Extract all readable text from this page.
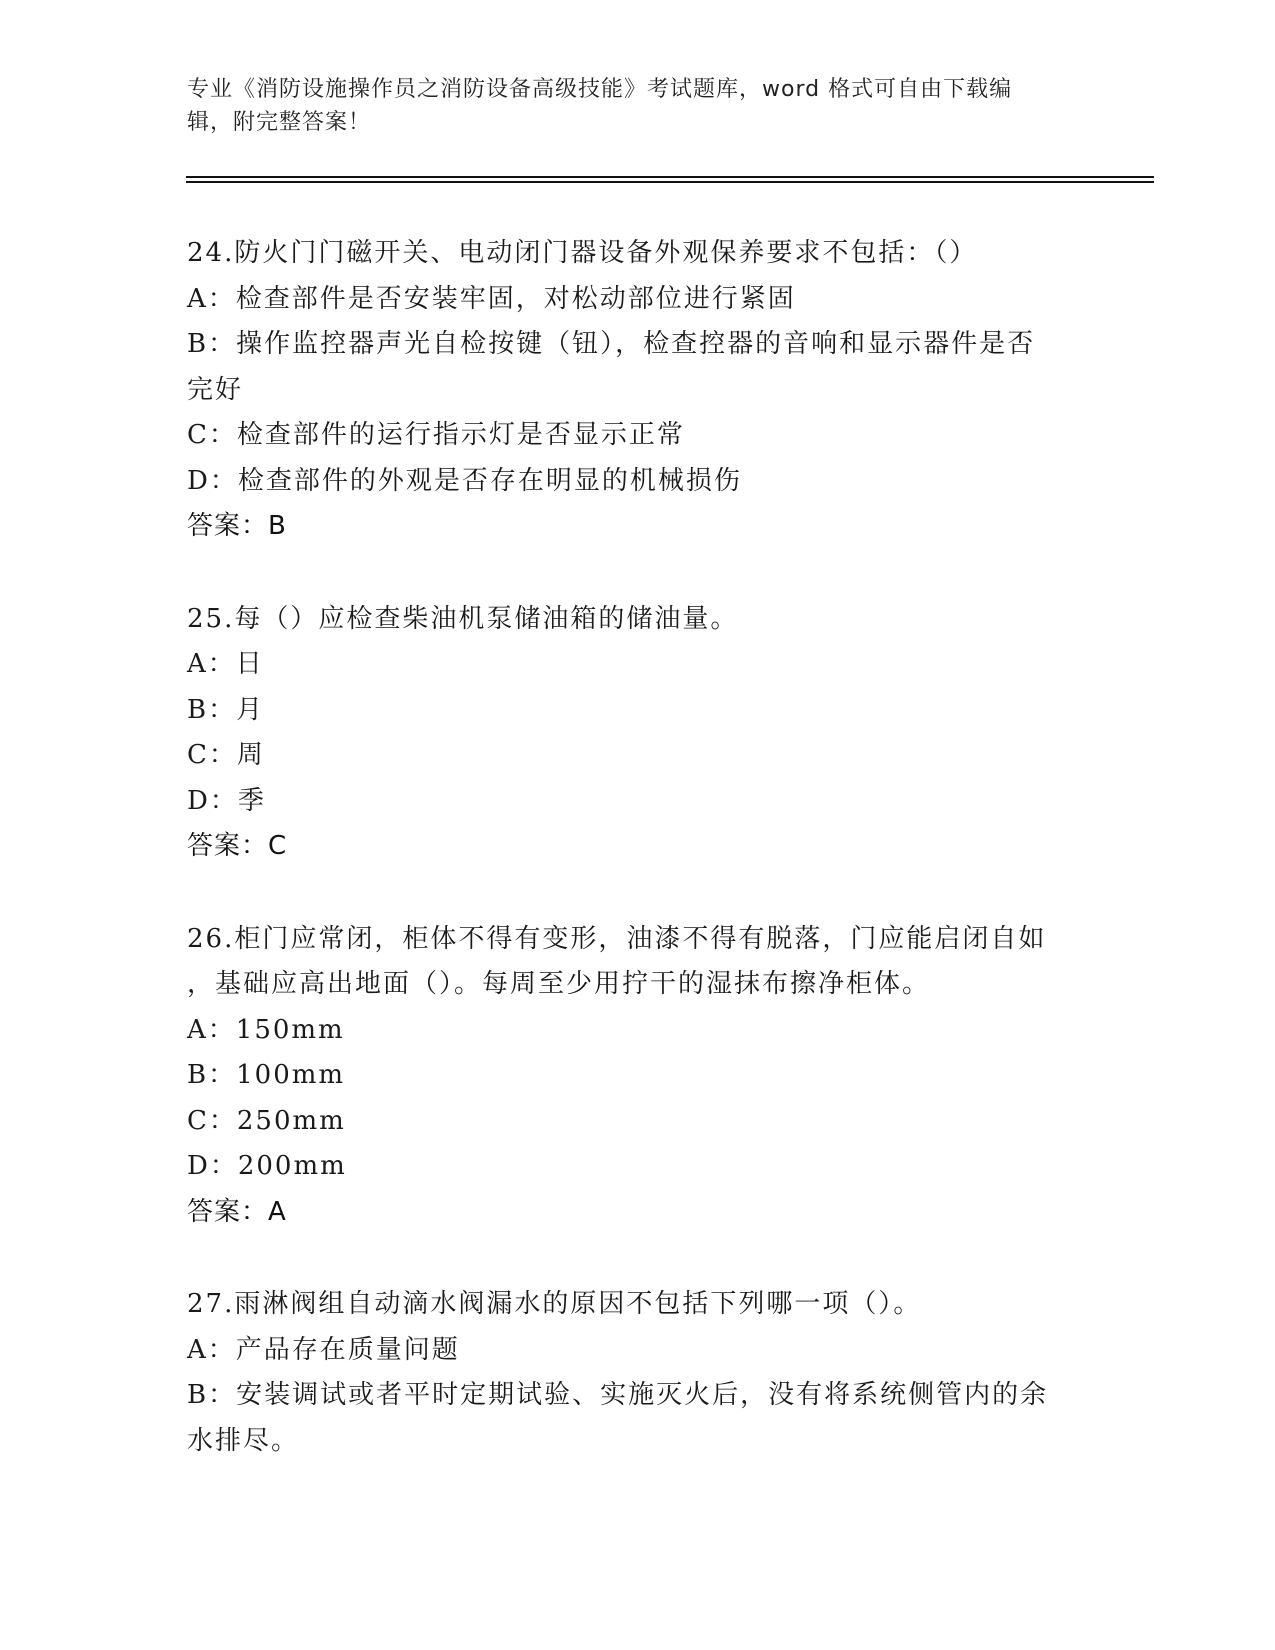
专业《消防设施操作员之消防设备高级技能》考试题库，word 格式可自由下载编
辑，附完整答案！
24.防火门门磁开关、电动闭门器设备外观保养要求不包括：（）
A：检查部件是否安装牢固，对松动部位进行紧固
B：操作监控器声光自检按键（钮），检查控器的音响和显示器件是否
完好
C：检查部件的运行指示灯是否显示正常
D：检查部件的外观是否存在明显的机械损伤
答案：B
25.每（）应检查柴油机泵储油箱的储油量。
A：日
B：月
C：周
D：季
答案：C
26.柜门应常闭，柜体不得有变形，油漆不得有脱落，门应能启闭自如
，基础应高出地面（）。每周至少用拧干的湿抹布擦净柜体。
A：150mm
B：100mm
C：250mm
D：200mm
答案：A
27.雨淋阀组自动滴水阀漏水的原因不包括下列哪一项（）。
A：产品存在质量问题
B：安装调试或者平时定期试验、实施灭火后，没有将系统侧管内的余
水排尽。
